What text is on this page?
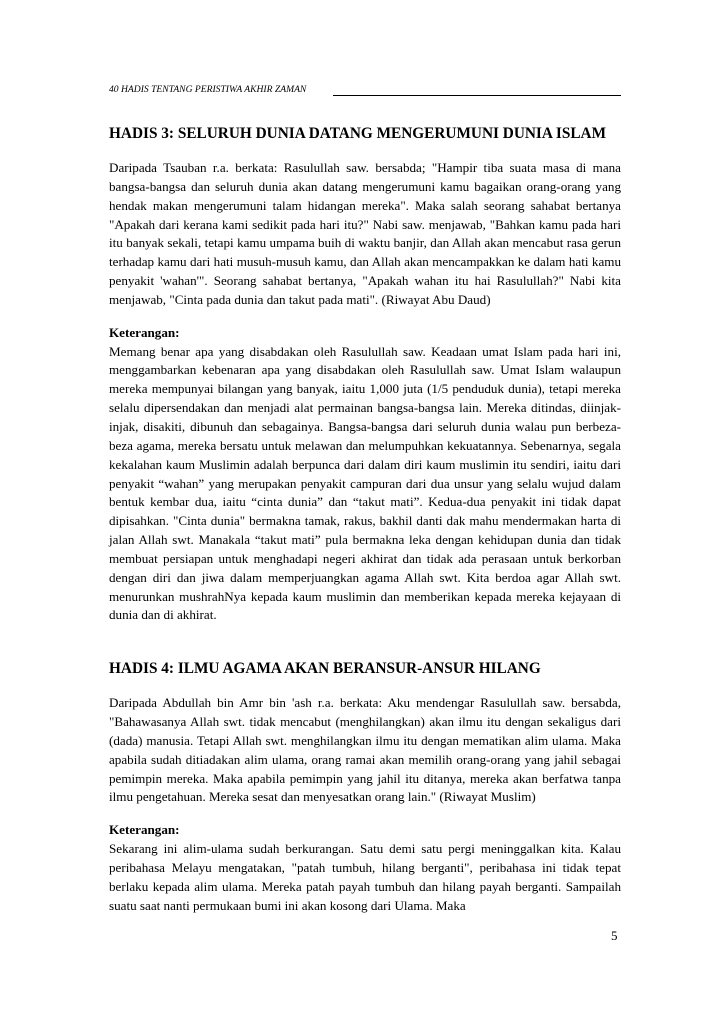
40 HADIS TENTANG PERISTIWA AKHIR ZAMAN
HADIS 3: SELURUH DUNIA DATANG MENGERUMUNI DUNIA ISLAM

Daripada Tsauban r.a. berkata: Rasulullah saw. bersabda; "Hampir tiba suata masa di mana bangsa-bangsa dan seluruh dunia akan datang mengerumuni kamu bagaikan orang-orang yang hendak makan mengerumuni talam hidangan mereka". Maka salah seorang sahabat bertanya "Apakah dari kerana kami sedikit pada hari itu?" Nabi saw. menjawab, "Bahkan kamu pada hari itu banyak sekali, tetapi kamu umpama buih di waktu banjir, dan Allah akan mencabut rasa gerun terhadap kamu dari hati musuh-musuh kamu, dan Allah akan mencampakkan ke dalam hati kamu penyakit 'wahan'". Seorang sahabat bertanya, "Apakah wahan itu hai Rasulullah?" Nabi kita menjawab, "Cinta pada dunia dan takut pada mati". (Riwayat Abu Daud)

Keterangan:

Memang benar apa yang disabdakan oleh Rasulullah saw. Keadaan umat Islam pada hari ini, menggambarkan kebenaran apa yang disabdakan oleh Rasulullah saw. Umat Islam walaupun mereka mempunyai bilangan yang banyak, iaitu 1,000 juta (1/5 penduduk dunia), tetapi mereka selalu dipersendakan dan menjadi alat permainan bangsa-bangsa lain. Mereka ditindas, diinjak-injak, disakiti, dibunuh dan sebagainya. Bangsa-bangsa dari seluruh dunia walau pun berbeza-beza agama, mereka bersatu untuk melawan dan melumpuhkan kekuatannya. Sebenarnya, segala kekalahan kaum Muslimin adalah berpunca dari dalam diri kaum muslimin itu sendiri, iaitu dari penyakit “wahan” yang merupakan penyakit campuran dari dua unsur yang selalu wujud dalam bentuk kembar dua, iaitu “cinta dunia” dan “takut mati”. Kedua-dua penyakit ini tidak dapat dipisahkan. "Cinta dunia" bermakna tamak, rakus, bakhil danti dak mahu mendermakan harta di jalan Allah swt. Manakala “takut mati” pula bermakna leka dengan kehidupan dunia dan tidak membuat persiapan untuk menghadapi negeri akhirat dan tidak ada perasaan untuk berkorban dengan diri dan jiwa dalam memperjuangkan agama Allah swt. Kita berdoa agar Allah swt. menurunkan mushrahNya kepada kaum muslimin dan memberikan kepada mereka kejayaan di dunia dan di akhirat.

HADIS 4: ILMU AGAMA AKAN BERANSUR-ANSUR HILANG

Daripada Abdullah bin Amr bin 'ash r.a. berkata: Aku mendengar Rasulullah saw. bersabda, "Bahawasanya Allah swt. tidak mencabut (menghilangkan) akan ilmu itu dengan sekaligus dari (dada) manusia. Tetapi Allah swt. menghilangkan ilmu itu dengan mematikan alim ulama. Maka apabila sudah ditiadakan alim ulama, orang ramai akan memilih orang-orang yang jahil sebagai pemimpin mereka. Maka apabila pemimpin yang jahil itu ditanya, mereka akan berfatwa tanpa ilmu pengetahuan. Mereka sesat dan menyesatkan orang lain." (Riwayat Muslim)

Keterangan:

Sekarang ini alim-ulama sudah berkurangan. Satu demi satu pergi meninggalkan kita. Kalau peribahasa Melayu mengatakan, "patah tumbuh, hilang berganti", peribahasa ini tidak tepat berlaku kepada alim ulama. Mereka patah payah tumbuh dan hilang payah berganti. Sampailah suatu saat nanti permukaan bumi ini akan kosong dari Ulama. Maka

5
